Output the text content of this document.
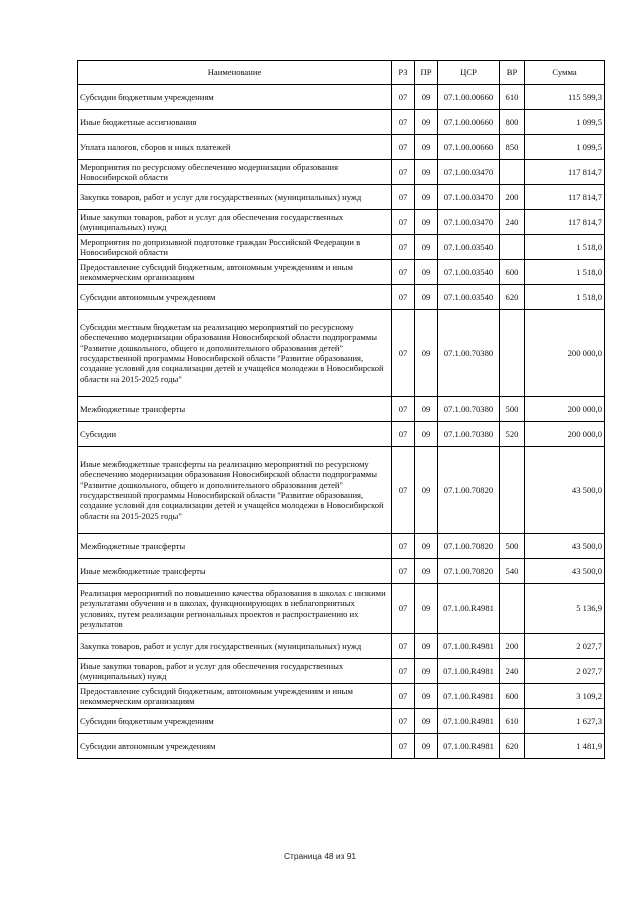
Наименование	РЗ	ПР	ЦСР	ВР	Сумма
Субсидии бюджетным учреждениям	07	09	07.1.00.00660	610	115 599,3
Иные бюджетные ассигнования	07	09	07.1.00.00660	800	1 099,5
Уплата налогов, сборов и иных платежей	07	09	07.1.00.00660	850	1 099,5
Мероприятия по ресурсному обеспечению модернизации образования Новосибирской области	07	09	07.1.00.03470		117 814,7
Закупка товаров, работ и услуг для государственных (муниципальных) нужд	07	09	07.1.00.03470	200	117 814,7
Иные закупки товаров, работ и услуг для обеспечения государственных (муниципальных) нужд	07	09	07.1.00.03470	240	117 814,7
Мероприятия по допризывной подготовке граждан Российской Федерации в Новосибирской области	07	09	07.1.00.03540		1 518,0
Предоставление субсидий бюджетным, автономным учреждениям и иным некоммерческим организациям	07	09	07.1.00.03540	600	1 518,0
Субсидии автономным учреждениям	07	09	07.1.00.03540	620	1 518,0
Субсидии местным бюджетам на реализацию мероприятий по ресурсному обеспечению модернизации образования Новосибирской области подпрограммы "Развитие дошкольного, общего и дополнительного образования детей" государственной программы Новосибирской области "Развитие образования, создание условий для социализации детей и учащейся молодежи в Новосибирской области на 2015-2025 годы"	07	09	07.1.00.70380		200 000,0
Межбюджетные трансферты	07	09	07.1.00.70380	500	200 000,0
Субсидии	07	09	07.1.00.70380	520	200 000,0
Иные межбюджетные трансферты на реализацию мероприятий по ресурсному обеспечению модернизации образования Новосибирской области подпрограммы "Развитие дошкольного, общего и дополнительного образования детей" государственной программы Новосибирской области "Развитие образования, создание условий для социализации детей и учащейся молодежи в Новосибирской области на 2015-2025 годы"	07	09	07.1.00.70820		43 500,0
Межбюджетные трансферты	07	09	07.1.00.70820	500	43 500,0
Иные межбюджетные трансферты	07	09	07.1.00.70820	540	43 500,0
Реализация мероприятий по повышению качества образования в школах с низкими результатами обучения и в школах, функционирующих в неблагоприятных условиях, путем реализации региональных проектов и распространению их результатов	07	09	07.1.00.R4981		5 136,9
Закупка товаров, работ и услуг для государственных (муниципальных) нужд	07	09	07.1.00.R4981	200	2 027,7
Иные закупки товаров, работ и услуг для обеспечения государственных (муниципальных) нужд	07	09	07.1.00.R4981	240	2 027,7
Предоставление субсидий бюджетным, автономным учреждениям и иным некоммерческим организациям	07	09	07.1.00.R4981	600	3 109,2
Субсидии бюджетным учреждениям	07	09	07.1.00.R4981	610	1 627,3
Субсидии автономным учреждениям	07	09	07.1.00.R4981	620	1 481,9
Страница 48 из 91
